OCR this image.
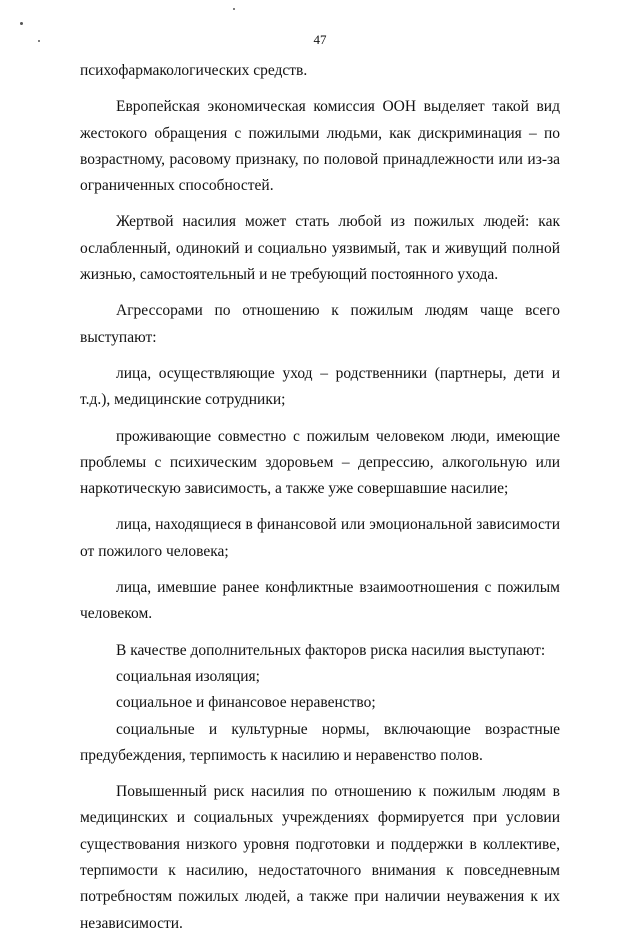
47

психофармакологических средств.

Европейская экономическая комиссия ООН выделяет такой вид жестокого обращения с пожилыми людьми, как дискриминация – по возрастному, расовому признаку, по половой принадлежности или из-за ограниченных способностей.

Жертвой насилия может стать любой из пожилых людей: как ослабленный, одинокий и социально уязвимый, так и живущий полной жизнью, самостоятельный и не требующий постоянного ухода.

Агрессорами по отношению к пожилым людям чаще всего выступают:

лица, осуществляющие уход – родственники (партнеры, дети и т.д.), медицинские сотрудники;

проживающие совместно с пожилым человеком люди, имеющие проблемы с психическим здоровьем – депрессию, алкогольную или наркотическую зависимость, а также уже совершавшие насилие;

лица, находящиеся в финансовой или эмоциональной зависимости от пожилого человека;

лица, имевшие ранее конфликтные взаимоотношения с пожилым человеком.

В качестве дополнительных факторов риска насилия выступают:

социальная изоляция;

социальное и финансовое неравенство;

социальные и культурные нормы, включающие возрастные предубеждения, терпимость к насилию и неравенство полов.

Повышенный риск насилия по отношению к пожилым людям в медицинских и социальных учреждениях формируется при условии существования низкого уровня подготовки и поддержки в коллективе, терпимости к насилию, недостаточного внимания к повседневным потребностям пожилых людей, а также при наличии неуважения к их независимости.
